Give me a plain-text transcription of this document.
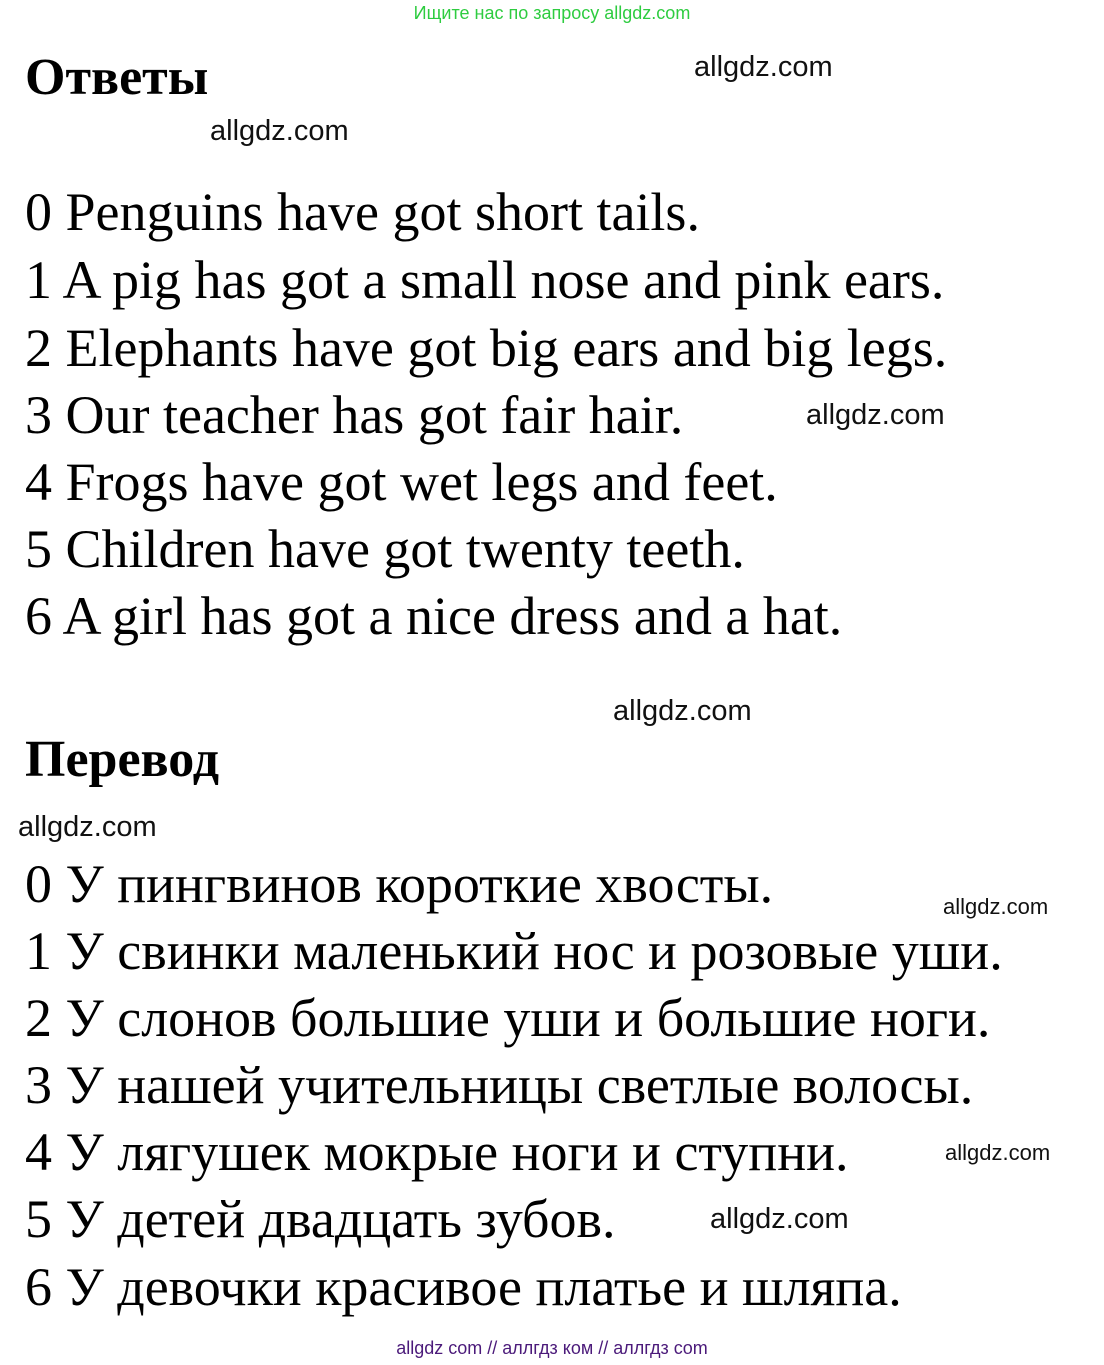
Ищите нас по запросу allgdz.com
Ответы
0 Penguins have got short tails.
1 A pig has got a small nose and pink ears.
2 Elephants have got big ears and big legs.
3 Our teacher has got fair hair.
4 Frogs have got wet legs and feet.
5 Children have got twenty teeth.
6 A girl has got a nice dress and a hat.
Перевод
0 У пингвинов короткие хвосты.
1 У свинки маленький нос и розовые уши.
2 У слонов большие уши и большие ноги.
3 У нашей учительницы светлые волосы.
4 У лягушек мокрые ноги и ступни.
5 У детей двадцать зубов.
6 У девочки красивое платье и шляпа.
allgdz.com
allgdz.com
allgdz.com
allgdz.com
allgdz.com
allgdz.com
allgdz.com
allgdz.com
allgdz com // аллгдз ком // аллгдз com
